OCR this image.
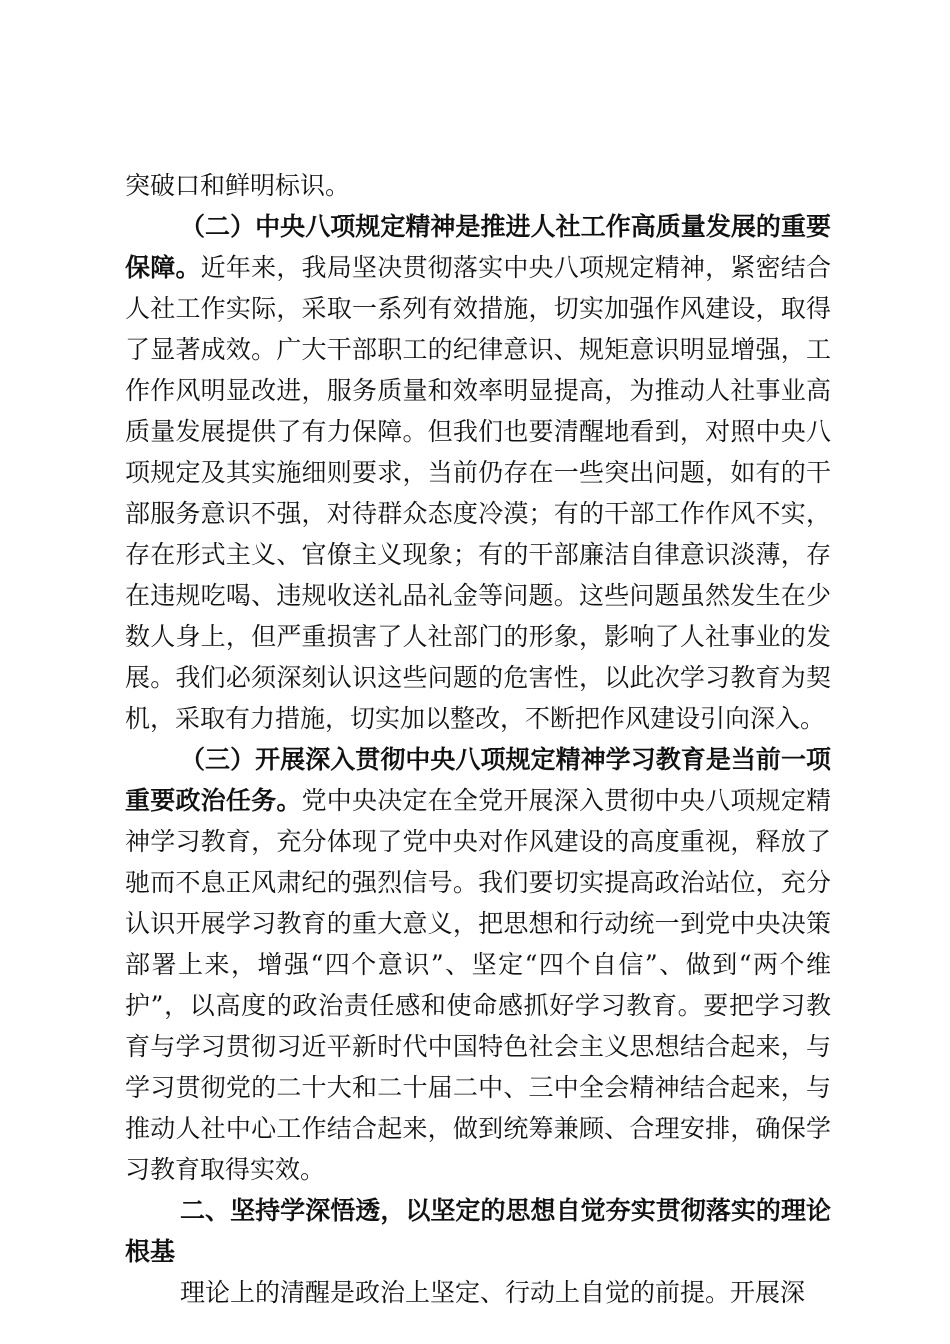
突破口和鲜明标识。

（二）中央八项规定精神是推进人社工作高质量发展的重要保障。近年来，我局坚决贯彻落实中央八项规定精神，紧密结合人社工作实际，采取一系列有效措施，切实加强作风建设，取得了显著成效。广大干部职工的纪律意识、规矩意识明显增强，工作作风明显改进，服务质量和效率明显提高，为推动人社事业高质量发展提供了有力保障。但我们也要清醒地看到，对照中央八项规定及其实施细则要求，当前仍存在一些突出问题，如有的干部服务意识不强，对待群众态度冷漠；有的干部工作作风不实，存在形式主义、官僚主义现象；有的干部廉洁自律意识淡薄，存在违规吃喝、违规收送礼品礼金等问题。这些问题虽然发生在少数人身上，但严重损害了人社部门的形象，影响了人社事业的发展。我们必须深刻认识这些问题的危害性，以此次学习教育为契机，采取有力措施，切实加以整改，不断把作风建设引向深入。

（三）开展深入贯彻中央八项规定精神学习教育是当前一项重要政治任务。党中央决定在全党开展深入贯彻中央八项规定精神学习教育，充分体现了党中央对作风建设的高度重视，释放了驰而不息正风肃纪的强烈信号。我们要切实提高政治站位，充分认识开展学习教育的重大意义，把思想和行动统一到党中央决策部署上来，增强“四个意识”、坚定“四个自信”、做到“两个维护”，以高度的政治责任感和使命感抓好学习教育。要把学习教育与学习贯彻习近平新时代中国特色社会主义思想结合起来，与学习贯彻党的二十大和二十届二中、三中全会精神结合起来，与推动人社中心工作结合起来，做到统筹兼顾、合理安排，确保学习教育取得实效。

二、坚持学深悟透，以坚定的思想自觉夯实贯彻落实的理论根基

理论上的清醒是政治上坚定、行动上自觉的前提。开展深
